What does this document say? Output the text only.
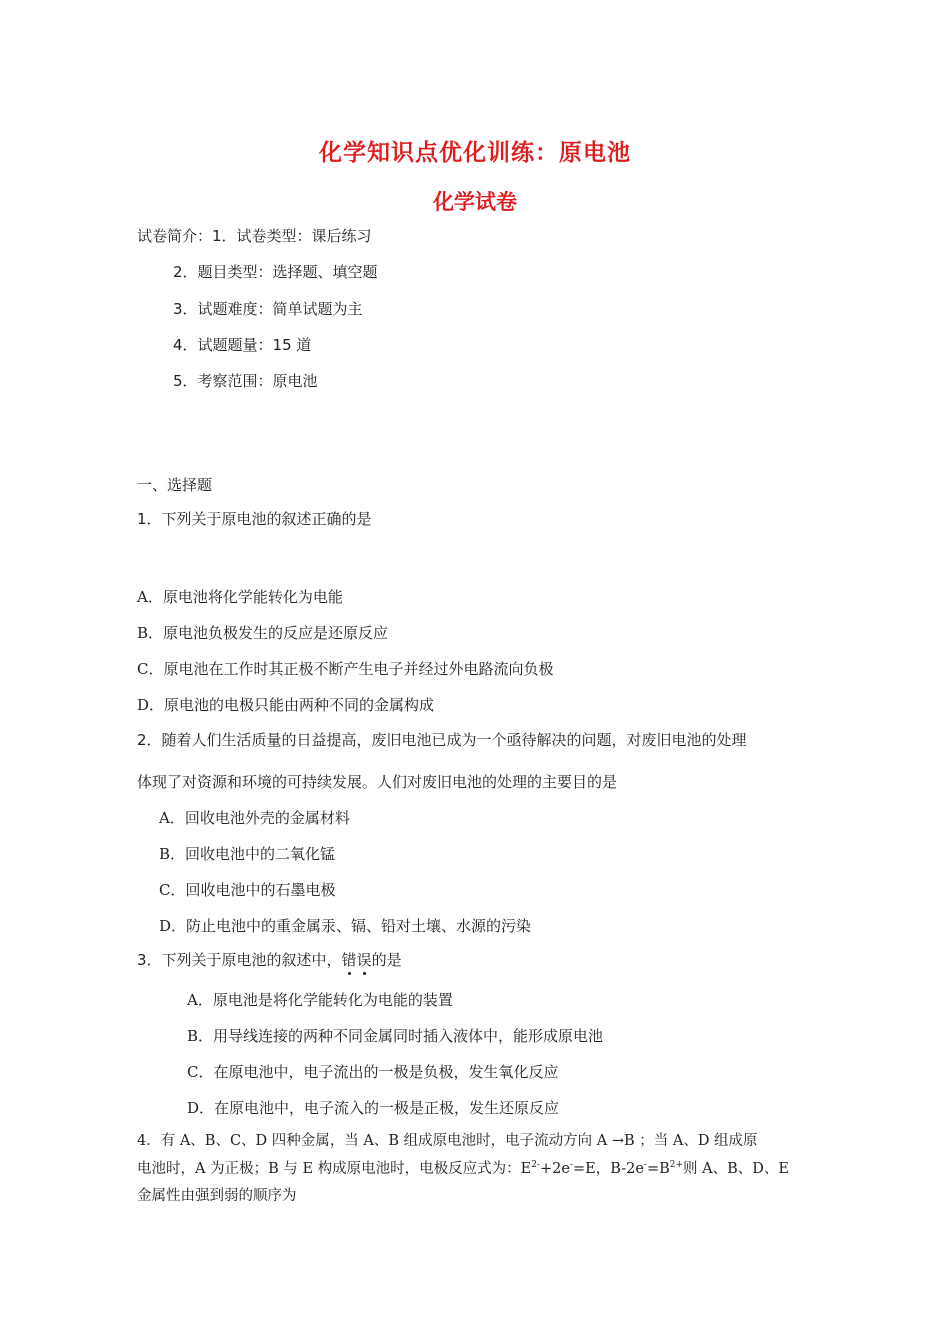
化学知识点优化训练：原电池
化学试卷
试卷简介：1．试卷类型：课后练习
2．题目类型：选择题、填空题
3．试题难度：简单试题为主
4．试题题量：15 道
5．考察范围：原电池
一、选择题
1．下列关于原电池的叙述正确的是
A．原电池将化学能转化为电能
B．原电池负极发生的反应是还原反应
C．原电池在工作时其正极不断产生电子并经过外电路流向负极
D．原电池的电极只能由两种不同的金属构成
2．随着人们生活质量的日益提高，废旧电池已成为一个亟待解决的问题，对废旧电池的处理
体现了对资源和环境的可持续发展。人们对废旧电池的处理的主要目的是
A．回收电池外壳的金属材料
B．回收电池中的二氧化锰
C．回收电池中的石墨电极
D．防止电池中的重金属汞、镉、铅对土壤、水源的污染
3．下列关于原电池的叙述中，错误的是
A．原电池是将化学能转化为电能的装置
B．用导线连接的两种不同金属同时插入液体中，能形成原电池
C．在原电池中，电子流出的一极是负极，发生氧化反应
D．在原电池中，电子流入的一极是正极，发生还原反应
4．有 A、B、C、D 四种金属，当 A、B 组成原电池时，电子流动方向 A →B ；当 A、D 组成原
电池时，A 为正极；B 与 E 构成原电池时，电极反应式为：$E^{2-}+2e^-=E$，$B-2e^-=B^{2+}$则 A、B、D、E
金属性由强到弱的顺序为
